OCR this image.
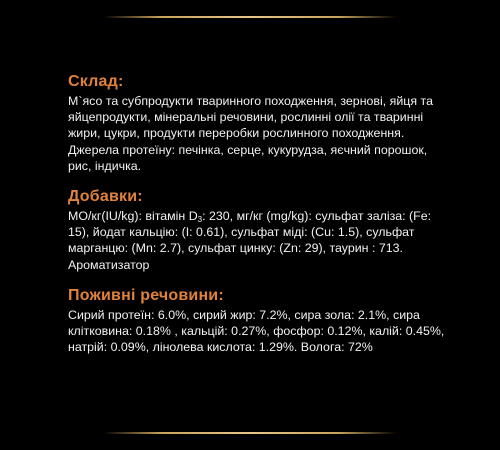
Склад:

М`ясо та субпродукти тваринного походження, зернові, яйця та яйцепродукти, мінеральні речовини, рослинні олії та тваринні жири, цукри, продукти переробки рослинного походження.

Джерела протеїну: печінка, серце, кукурудза, яєчний порошок, рис, індичка.

Добавки:

МО/кг(IU/kg): вітамін $D_3$: 230, мг/кг (mg/kg): сульфат заліза: (Fe: 15), йодат кальцію: (I: 0.61), сульфат міді: (Cu: 1.5), сульфат марганцю: (Mn: 2.7), сульфат цинку: (Zn: 29), таурин : 713. Ароматизатор

Поживні речовини:

Сирий протеїн: 6.0%, сирий жир: 7.2%, сира зола: 2.1%, сира клітковина: 0.18% , кальцій: 0.27%, фосфор: 0.12%, калій: 0.45%, натрій: 0.09%, лінолева кислота: 1.29%. Волога: 72%
